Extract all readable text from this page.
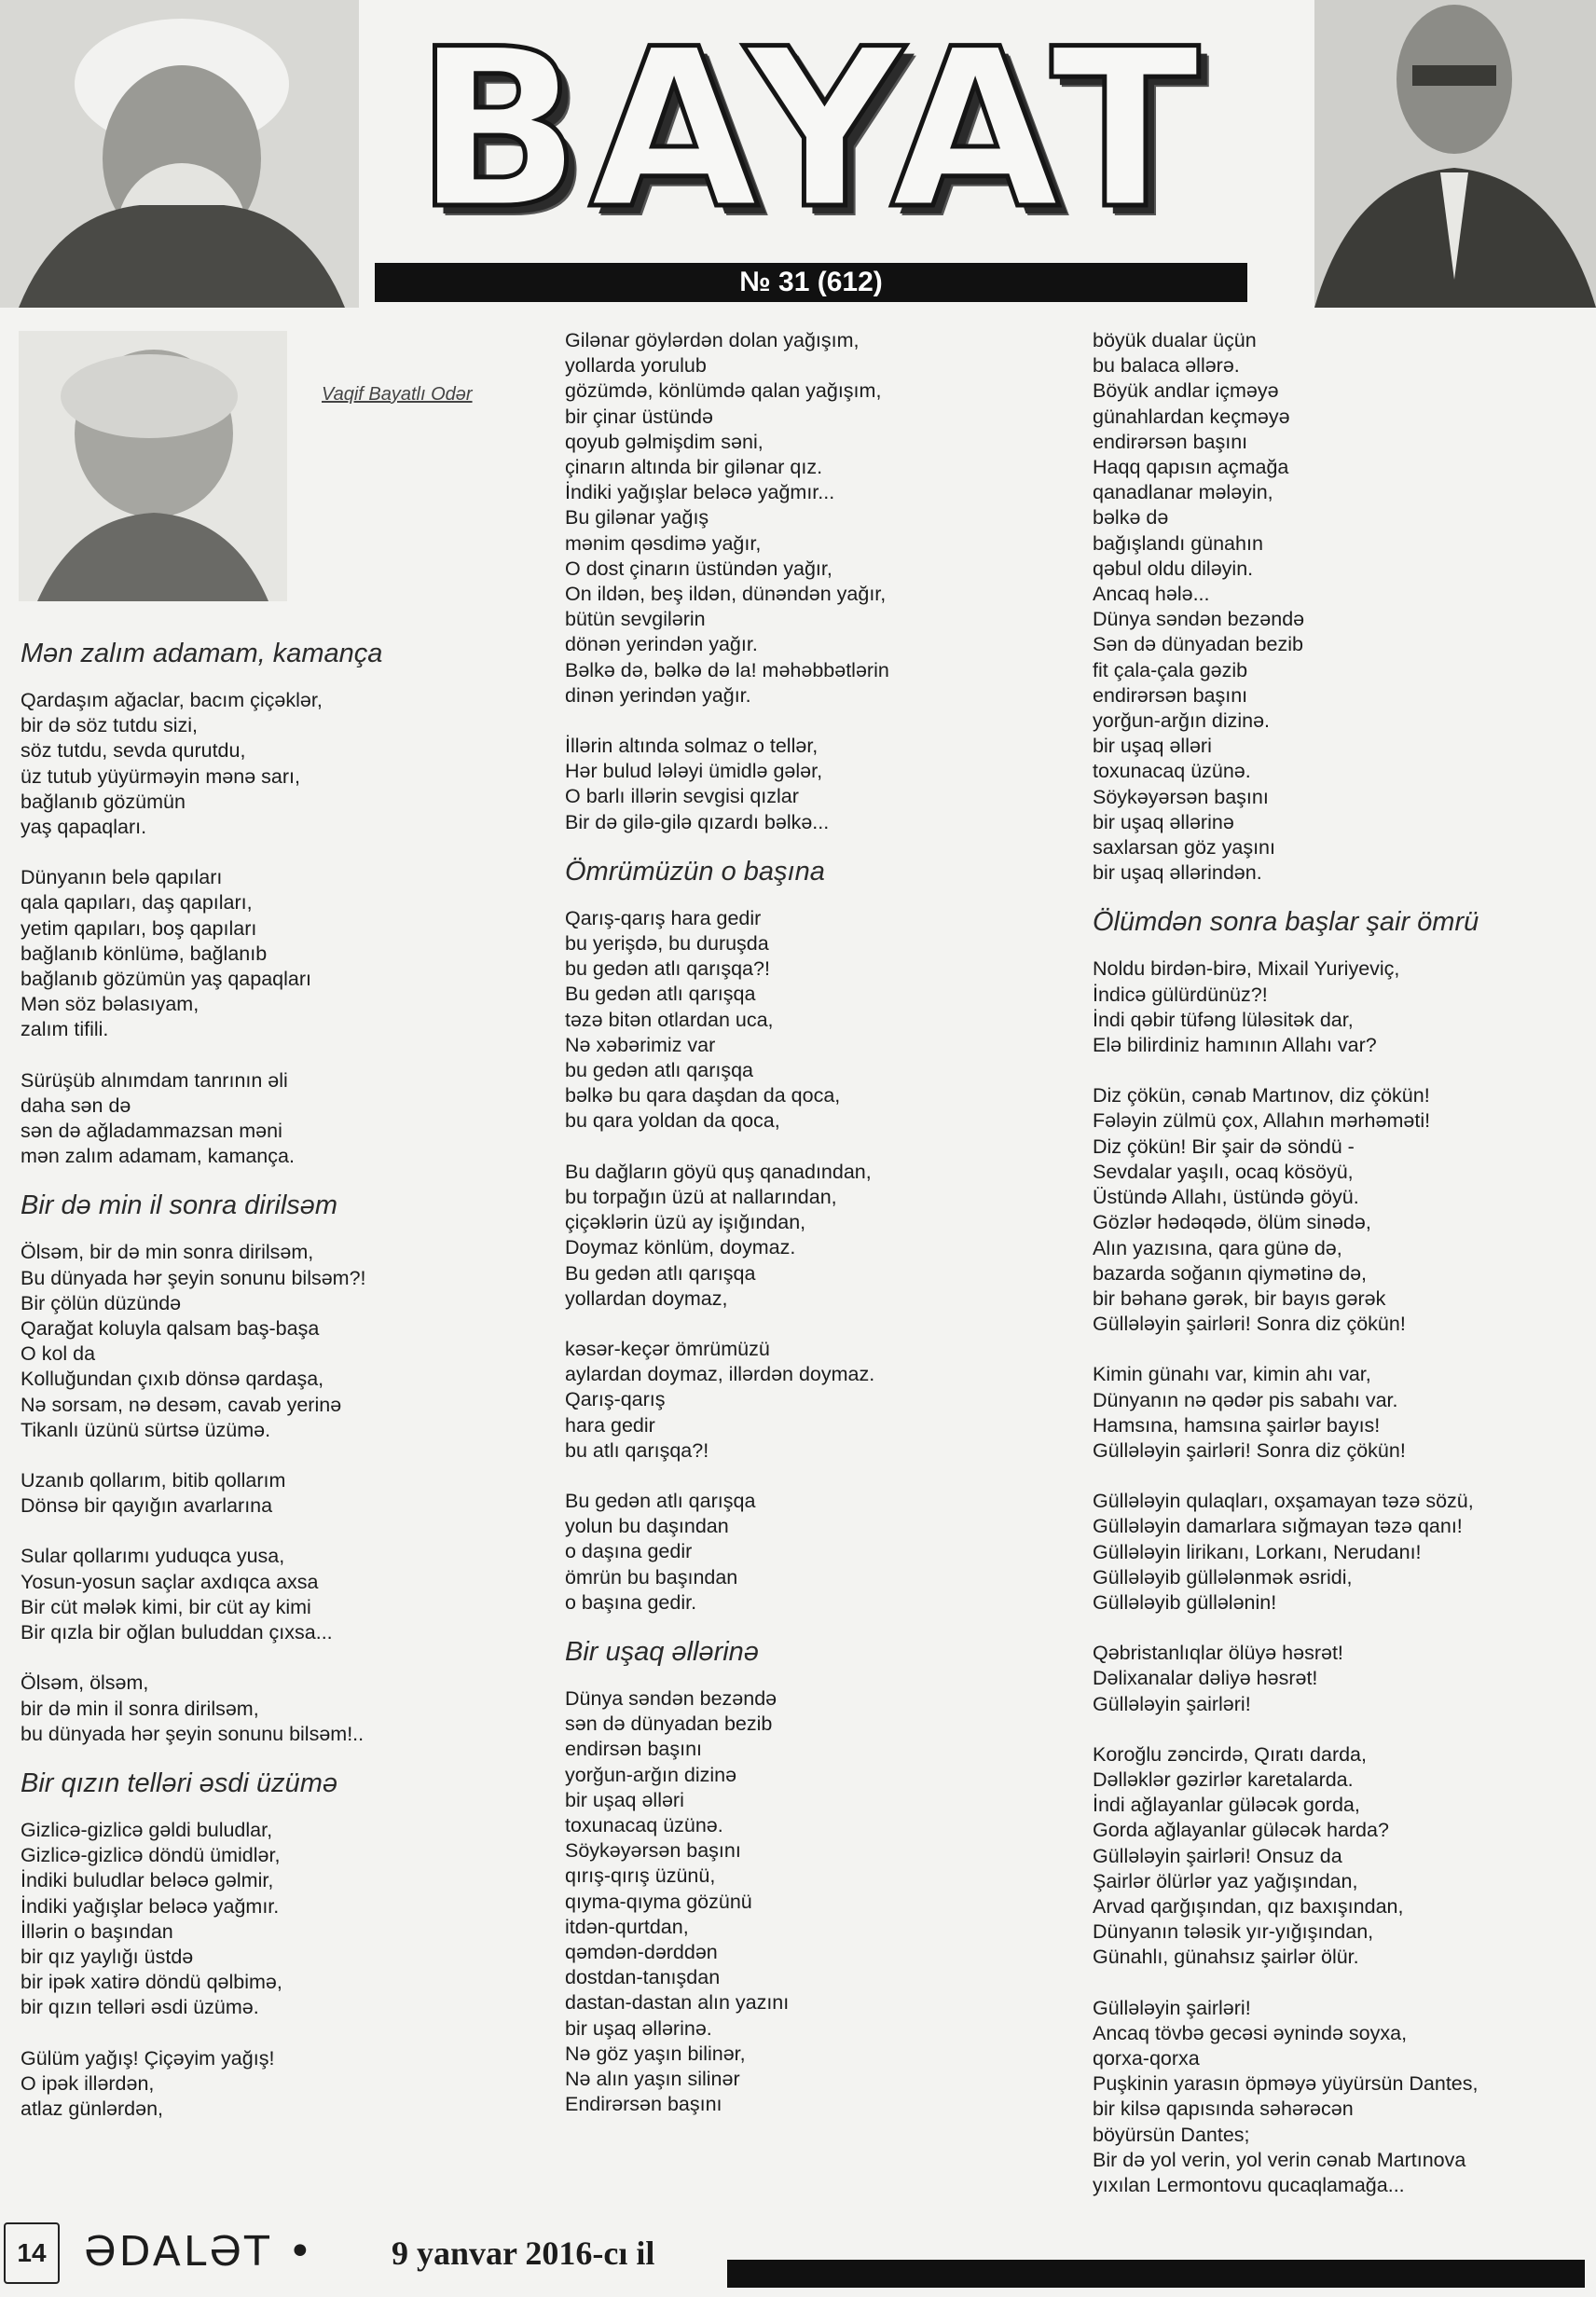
BAYAT
№ 31 (612)
Vaqif Bayatlı Odər
Mən zalım adamam, kamança

Qardaşım ağaclar, bacım çiçəklər,

bir də söz tutdu sizi,

söz tutdu, sevda qurutdu,

üz tutub yüyürməyin mənə sarı,

bağlanıb gözümün

yaş qapaqları.

Dünyanın belə qapıları

qala qapıları, daş qapıları,

yetim qapıları, boş qapıları

bağlanıb könlümə, bağlanıb

bağlanıb gözümün yaş qapaqları

Mən söz bəlasıyam,

zalım tifili.

Sürüşüb alnımdam tanrının əli

daha sən də

sən də ağladammazsan məni

mən zalım adamam, kamança.

Bir də min il sonra dirilsəm

Ölsəm, bir də min sonra dirilsəm,

Bu dünyada hər şeyin sonunu bilsəm?!

Bir çölün düzündə

Qarağat koluyla qalsam baş-başa

O kol da

Kolluğundan çıxıb dönsə qardaşa,

Nə sorsam, nə desəm, cavab yerinə

Tikanlı üzünü sürtsə üzümə.

Uzanıb qollarım, bitib qollarım

Dönsə bir qayığın avarlarına

Sular qollarımı yuduqca yusa,

Yosun-yosun saçlar axdıqca axsa

Bir cüt mələk kimi, bir cüt ay kimi

Bir qızla bir oğlan buluddan çıxsa...

Ölsəm, ölsəm,

bir də min il sonra dirilsəm,

bu dünyada hər şeyin sonunu bilsəm!..

Bir qızın telləri əsdi üzümə

Gizlicə-gizlicə gəldi buludlar,

Gizlicə-gizlicə döndü ümidlər,

İndiki buludlar beləcə gəlmir,

İndiki yağışlar beləcə yağmır.

İllərin o başından

bir qız yaylığı üstdə

bir ipək xatirə döndü qəlbimə,

bir qızın telləri əsdi üzümə.

Gülüm yağış! Çiçəyim yağış!

O ipək illərdən,

atlaz günlərdən,

Gilənar göylərdən dolan yağışım,

yollarda yorulub

gözümdə, könlümdə qalan yağışım,

bir çinar üstündə

qoyub gəlmişdim səni,

çinarın altında bir gilənar qız.

İndiki yağışlar beləcə yağmır...

Bu gilənar yağış

mənim qəsdimə yağır,

O dost çinarın üstündən yağır,

On ildən, beş ildən, dünəndən yağır,

bütün sevgilərin

dönən yerindən yağır.

Bəlkə də, bəlkə də la! məhəbbətlərin

dinən yerindən yağır.

İllərin altında solmaz o tellər,

Hər bulud lələyi ümidlə gələr,

O barlı illərin sevgisi qızlar

Bir də gilə-gilə qızardı bəlkə...

Ömrümüzün o başına

Qarış-qarış hara gedir

bu yerişdə, bu duruşda

bu gedən atlı qarışqa?!

Bu gedən atlı qarışqa

təzə bitən otlardan uca,

Nə xəbərimiz var

bu gedən atlı qarışqa

bəlkə bu qara daşdan da qoca,

bu qara yoldan da qoca,

Bu dağların göyü quş qanadından,

bu torpağın üzü at nallarından,

çiçəklərin üzü ay işığından,

Doymaz könlüm, doymaz.

Bu gedən atlı qarışqa

yollardan doymaz,

kəsər-keçər ömrümüzü

aylardan doymaz, illərdən doymaz.

Qarış-qarış

hara gedir

bu atlı qarışqa?!

Bu gedən atlı qarışqa

yolun bu daşından

o daşına gedir

ömrün bu başından

o başına gedir.

Bir uşaq əllərinə

Dünya səndən bezəndə

sən də dünyadan bezib

endirsən başını

yorğun-arğın dizinə

bir uşaq əlləri

toxunacaq üzünə.

Söykəyərsən başını

qırış-qırış üzünü,

qıyma-qıyma gözünü

itdən-qurtdan,

qəmdən-dərddən

dostdan-tanışdan

dastan-dastan alın yazını

bir uşaq əllərinə.

Nə göz yaşın bilinər,

Nə alın yaşın silinər

Endirərsən başını

böyük dualar üçün

bu balaca əllərə.

Böyük andlar içməyə

günahlardan keçməyə

endirərsən başını

Haqq qapısın açmağa

qanadlanar mələyin,

bəlkə də

bağışlandı günahın

qəbul oldu diləyin.

Ancaq hələ...

Dünya səndən bezəndə

Sən də dünyadan bezib

fit çala-çala gəzib

endirərsən başını

yorğun-arğın dizinə.

bir uşaq əlləri

toxunacaq üzünə.

Söykəyərsən başını

bir uşaq əllərinə

saxlarsan göz yaşını

bir uşaq əllərindən.

Ölümdən sonra başlar şair ömrü

Noldu birdən-birə, Mixail Yuriyeviç,

İndicə gülürdünüz?!

İndi qəbir tüfəng lüləsitək dar,

Elə bilirdiniz hamının Allahı var?

Diz çökün, cənab Martınov, diz çökün!

Fələyin zülmü çox, Allahın mərhəməti!

Diz çökün! Bir şair də söndü -

Sevdalar yaşılı, ocaq kösöyü,

Üstündə Allahı, üstündə göyü.

Gözlər hədəqədə, ölüm sinədə,

Alın yazısına, qara günə də,

bazarda soğanın qiymətinə də,

bir bəhanə gərək, bir bayıs gərək

Güllələyin şairləri! Sonra diz çökün!

Kimin günahı var, kimin ahı var,

Dünyanın nə qədər pis sabahı var.

Hamsına, hamsına şairlər bayıs!

Güllələyin şairləri! Sonra diz çökün!

Güllələyin qulaqları, oxşamayan təzə sözü,

Güllələyin damarlara sığmayan təzə qanı!

Güllələyin lirikanı, Lorkanı, Nerudanı!

Güllələyib güllələnmək əsridi,

Güllələyib güllələnin!

Qəbristanlıqlar ölüyə həsrət!

Dəlixanalar dəliyə həsrət!

Güllələyin şairləri!

Koroğlu zəncirdə, Qıratı darda,

Dəlləklər gəzirlər karetalarda.

İndi ağlayanlar güləcək gorda,

Gorda ağlayanlar güləcək harda?

Güllələyin şairləri! Onsuz da

Şairlər ölürlər yaz yağışından,

Arvad qarğışından, qız baxışından,

Dünyanın tələsik yır-yığışından,

Günahlı, günahsız şairlər ölür.

Güllələyin şairləri!

Ancaq tövbə gecəsi əynində soyxa,

qorxa-qorxa

Puşkinin yarasın öpməyə yüyürsün Dantes,

bir kilsə qapısında səhərəcən

böyürsün Dantes;

Bir də yol verin, yol verin cənab Martınova

yıxılan Lermontovu qucaqlamağa...

14 ƏDALƏT • 9 yanvar 2016-cı il
